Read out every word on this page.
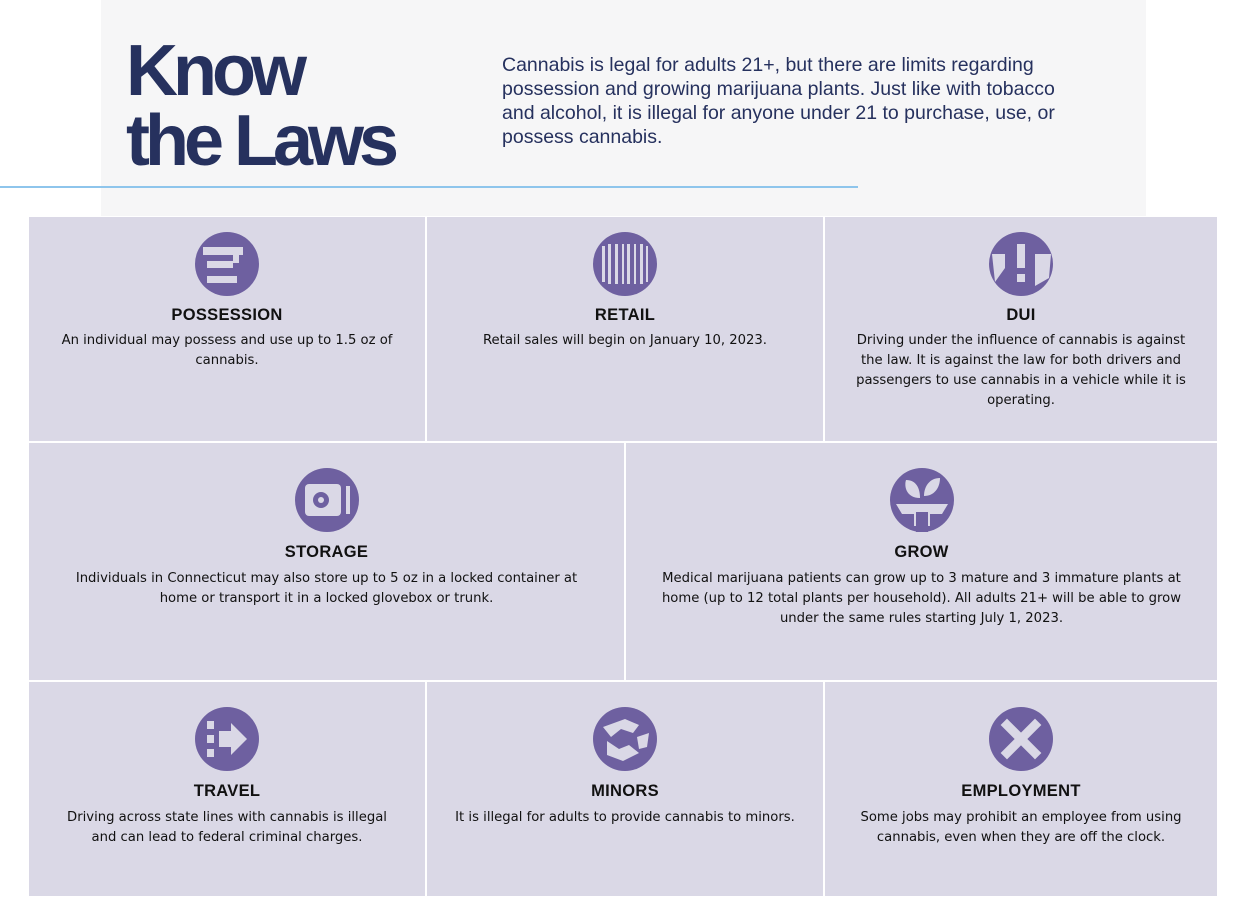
Know
the Laws

Cannabis is legal for adults 21+, but there are limits regarding possession and growing marijuana plants. Just like with tobacco and alcohol, it is illegal for anyone under 21 to purchase, use, or possess cannabis.

POSSESSION

An individual may possess and use up to 1.5 oz of cannabis.

RETAIL

Retail sales will begin on January 10, 2023.

DUI

Driving under the influence of cannabis is against the law. It is against the law for both drivers and passengers to use cannabis in a vehicle while it is operating.

STORAGE

Individuals in Connecticut may also store up to 5 oz in a locked container at home or transport it in a locked glovebox or trunk.

GROW

Medical marijuana patients can grow up to 3 mature and 3 immature plants at home (up to 12 total plants per household). All adults 21+ will be able to grow under the same rules starting July 1, 2023.

TRAVEL

Driving across state lines with cannabis is illegal and can lead to federal criminal charges.

MINORS

It is illegal for adults to provide cannabis to minors.

EMPLOYMENT

Some jobs may prohibit an employee from using cannabis, even when they are off the clock.
